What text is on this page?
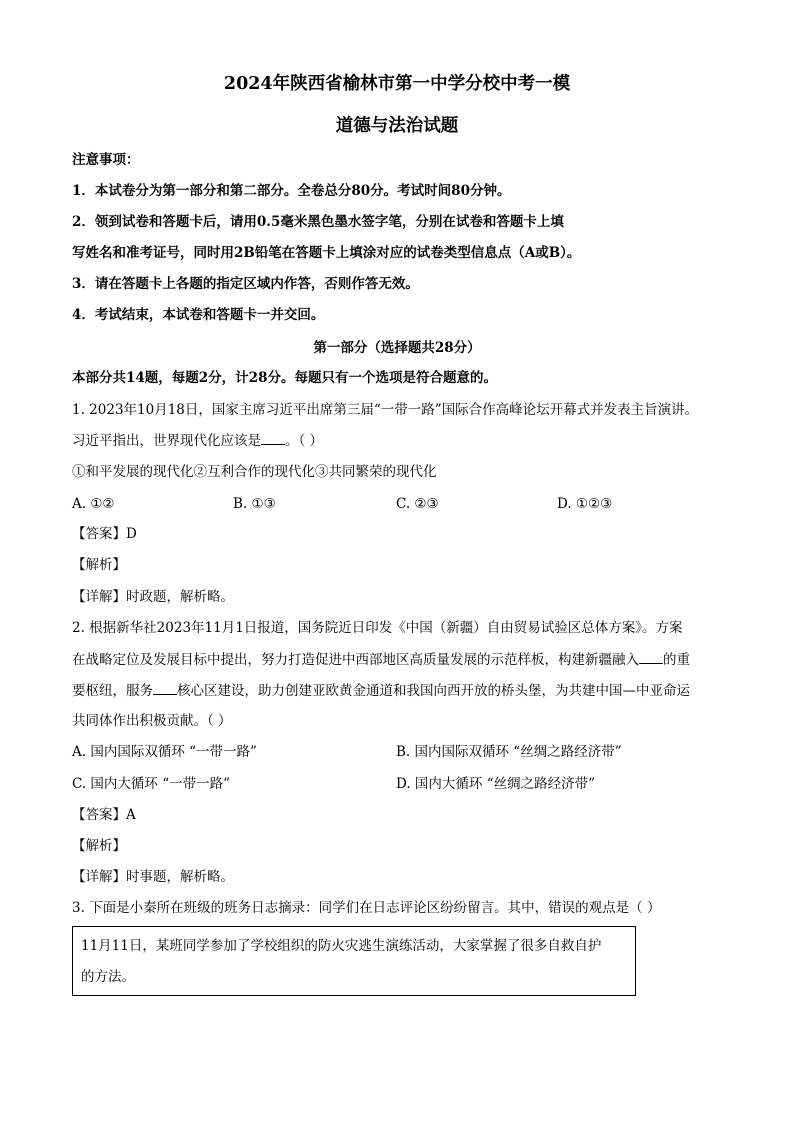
2024年陕西省榆林市第一中学分校中考一模
道德与法治试题
注意事项：
1．本试卷分为第一部分和第二部分。全卷总分80分。考试时间80分钟。
2．领到试卷和答题卡后，请用0.5毫米黑色墨水签字笔，分别在试卷和答题卡上填
写姓名和准考证号，同时用2B铅笔在答题卡上填涂对应的试卷类型信息点（A或B）。
3．请在答题卡上各题的指定区域内作答，否则作答无效。
4．考试结束，本试卷和答题卡一并交回。
第一部分（选择题共28分）
本部分共14题，每题2分，计28分。每题只有一个选项是符合题意的。
1. 2023年10月18日，国家主席习近平出席第三届“一带一路”国际合作高峰论坛开幕式并发表主旨演讲。
习近平指出，世界现代化应该是 。（ ）
①和平发展的现代化②互利合作的现代化③共同繁荣的现代化
A. ①②	B. ①③	C. ②③	D. ①②③
【答案】D
【解析】
【详解】时政题，解析略。
2. 根据新华社2023年11月1日报道，国务院近日印发《中国（新疆）自由贸易试验区总体方案》。方案
在战略定位及发展目标中提出，努力打造促进中西部地区高质量发展的示范样板，构建新疆融入 的重
要枢纽，服务 核心区建设，助力创建亚欧黄金通道和我国向西开放的桥头堡，为共建中国—中亚命运
共同体作出积极贡献。（ ）
A. 国内国际双循环 “一带一路”	B. 国内国际双循环 “丝绸之路经济带”
C. 国内大循环 “一带一路”	D. 国内大循环 “丝绸之路经济带”
【答案】A
【解析】
【详解】时事题，解析略。
3. 下面是小秦所在班级的班务日志摘录：同学们在日志评论区纷纷留言。其中，错误的观点是（ ）
11月11日，某班同学参加了学校组织的防火灾逃生演练活动，大家掌握了很多自救自护
的方法。
